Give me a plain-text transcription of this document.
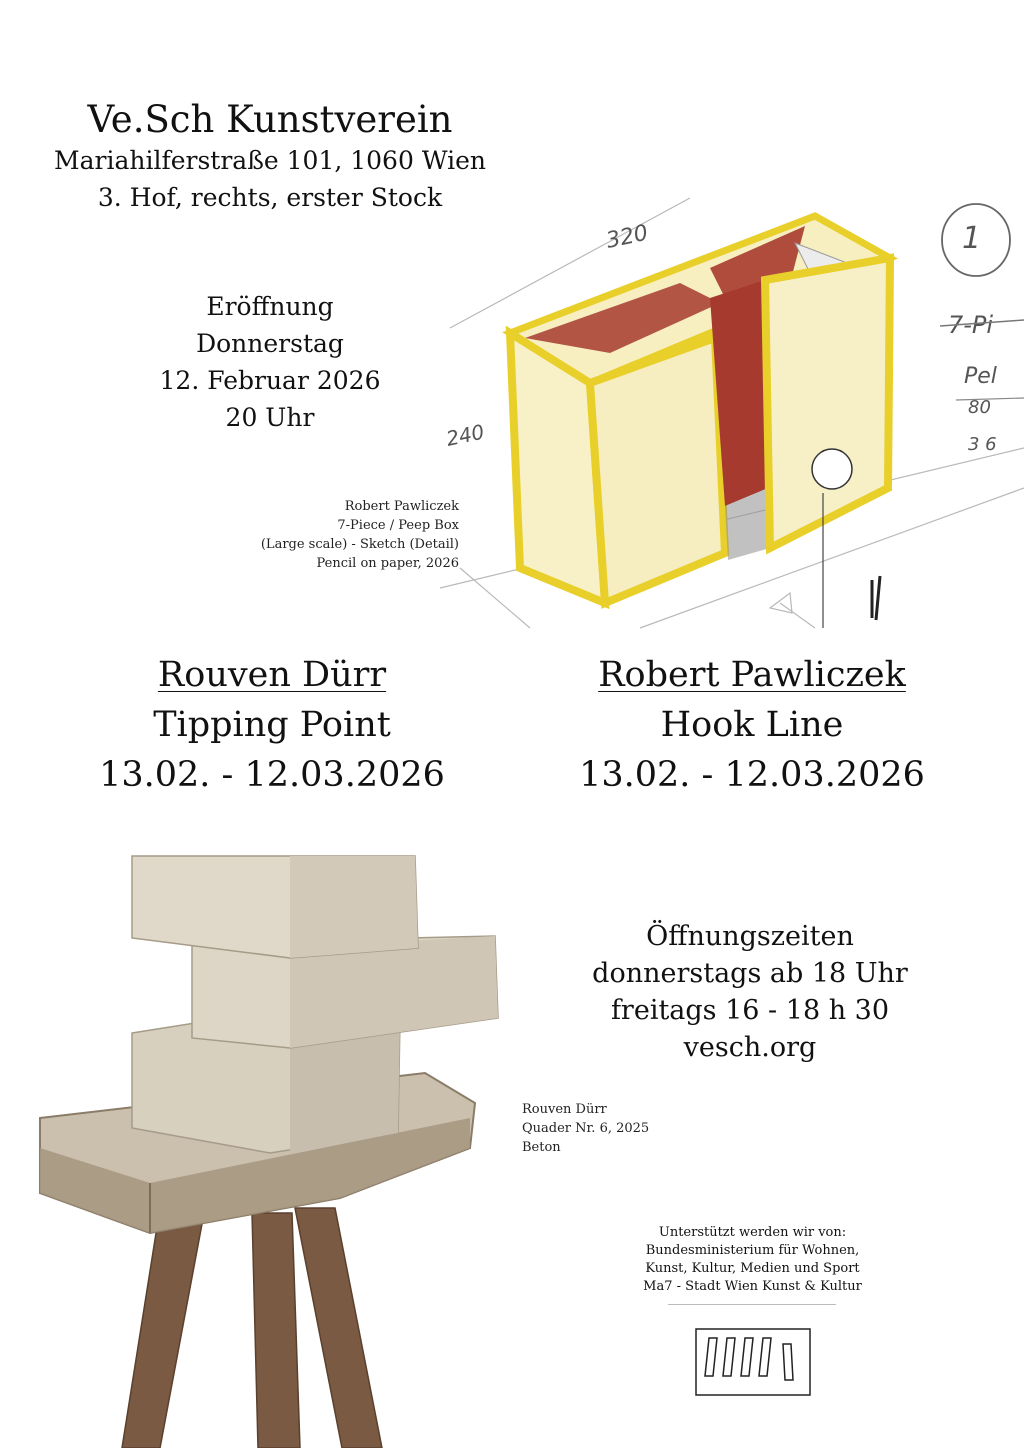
Ve.Sch Kunstverein
Mariahilferstraße 101, 1060 Wien
3. Hof, rechts, erster Stock
Eröffnung
Donnerstag
12. Februar 2026
20 Uhr
320
240
1
7-Pi
Pel
80
3 6
Robert Pawliczek
7-Piece / Peep Box
(Large scale) - Sketch (Detail)
Pencil on paper, 2026
Rouven Dürr
Tipping Point
13.02. - 12.03.2026
Robert Pawliczek
Hook Line
13.02. - 12.03.2026
Rouven Dürr
Quader Nr. 6, 2025
Beton
Öffnungszeiten
donnerstags ab 18 Uhr
freitags 16 - 18 h 30
vesch.org
Unterstützt werden wir von:
Bundesministerium für Wohnen,
Kunst, Kultur, Medien und Sport
Ma7 - Stadt Wien Kunst & Kultur
